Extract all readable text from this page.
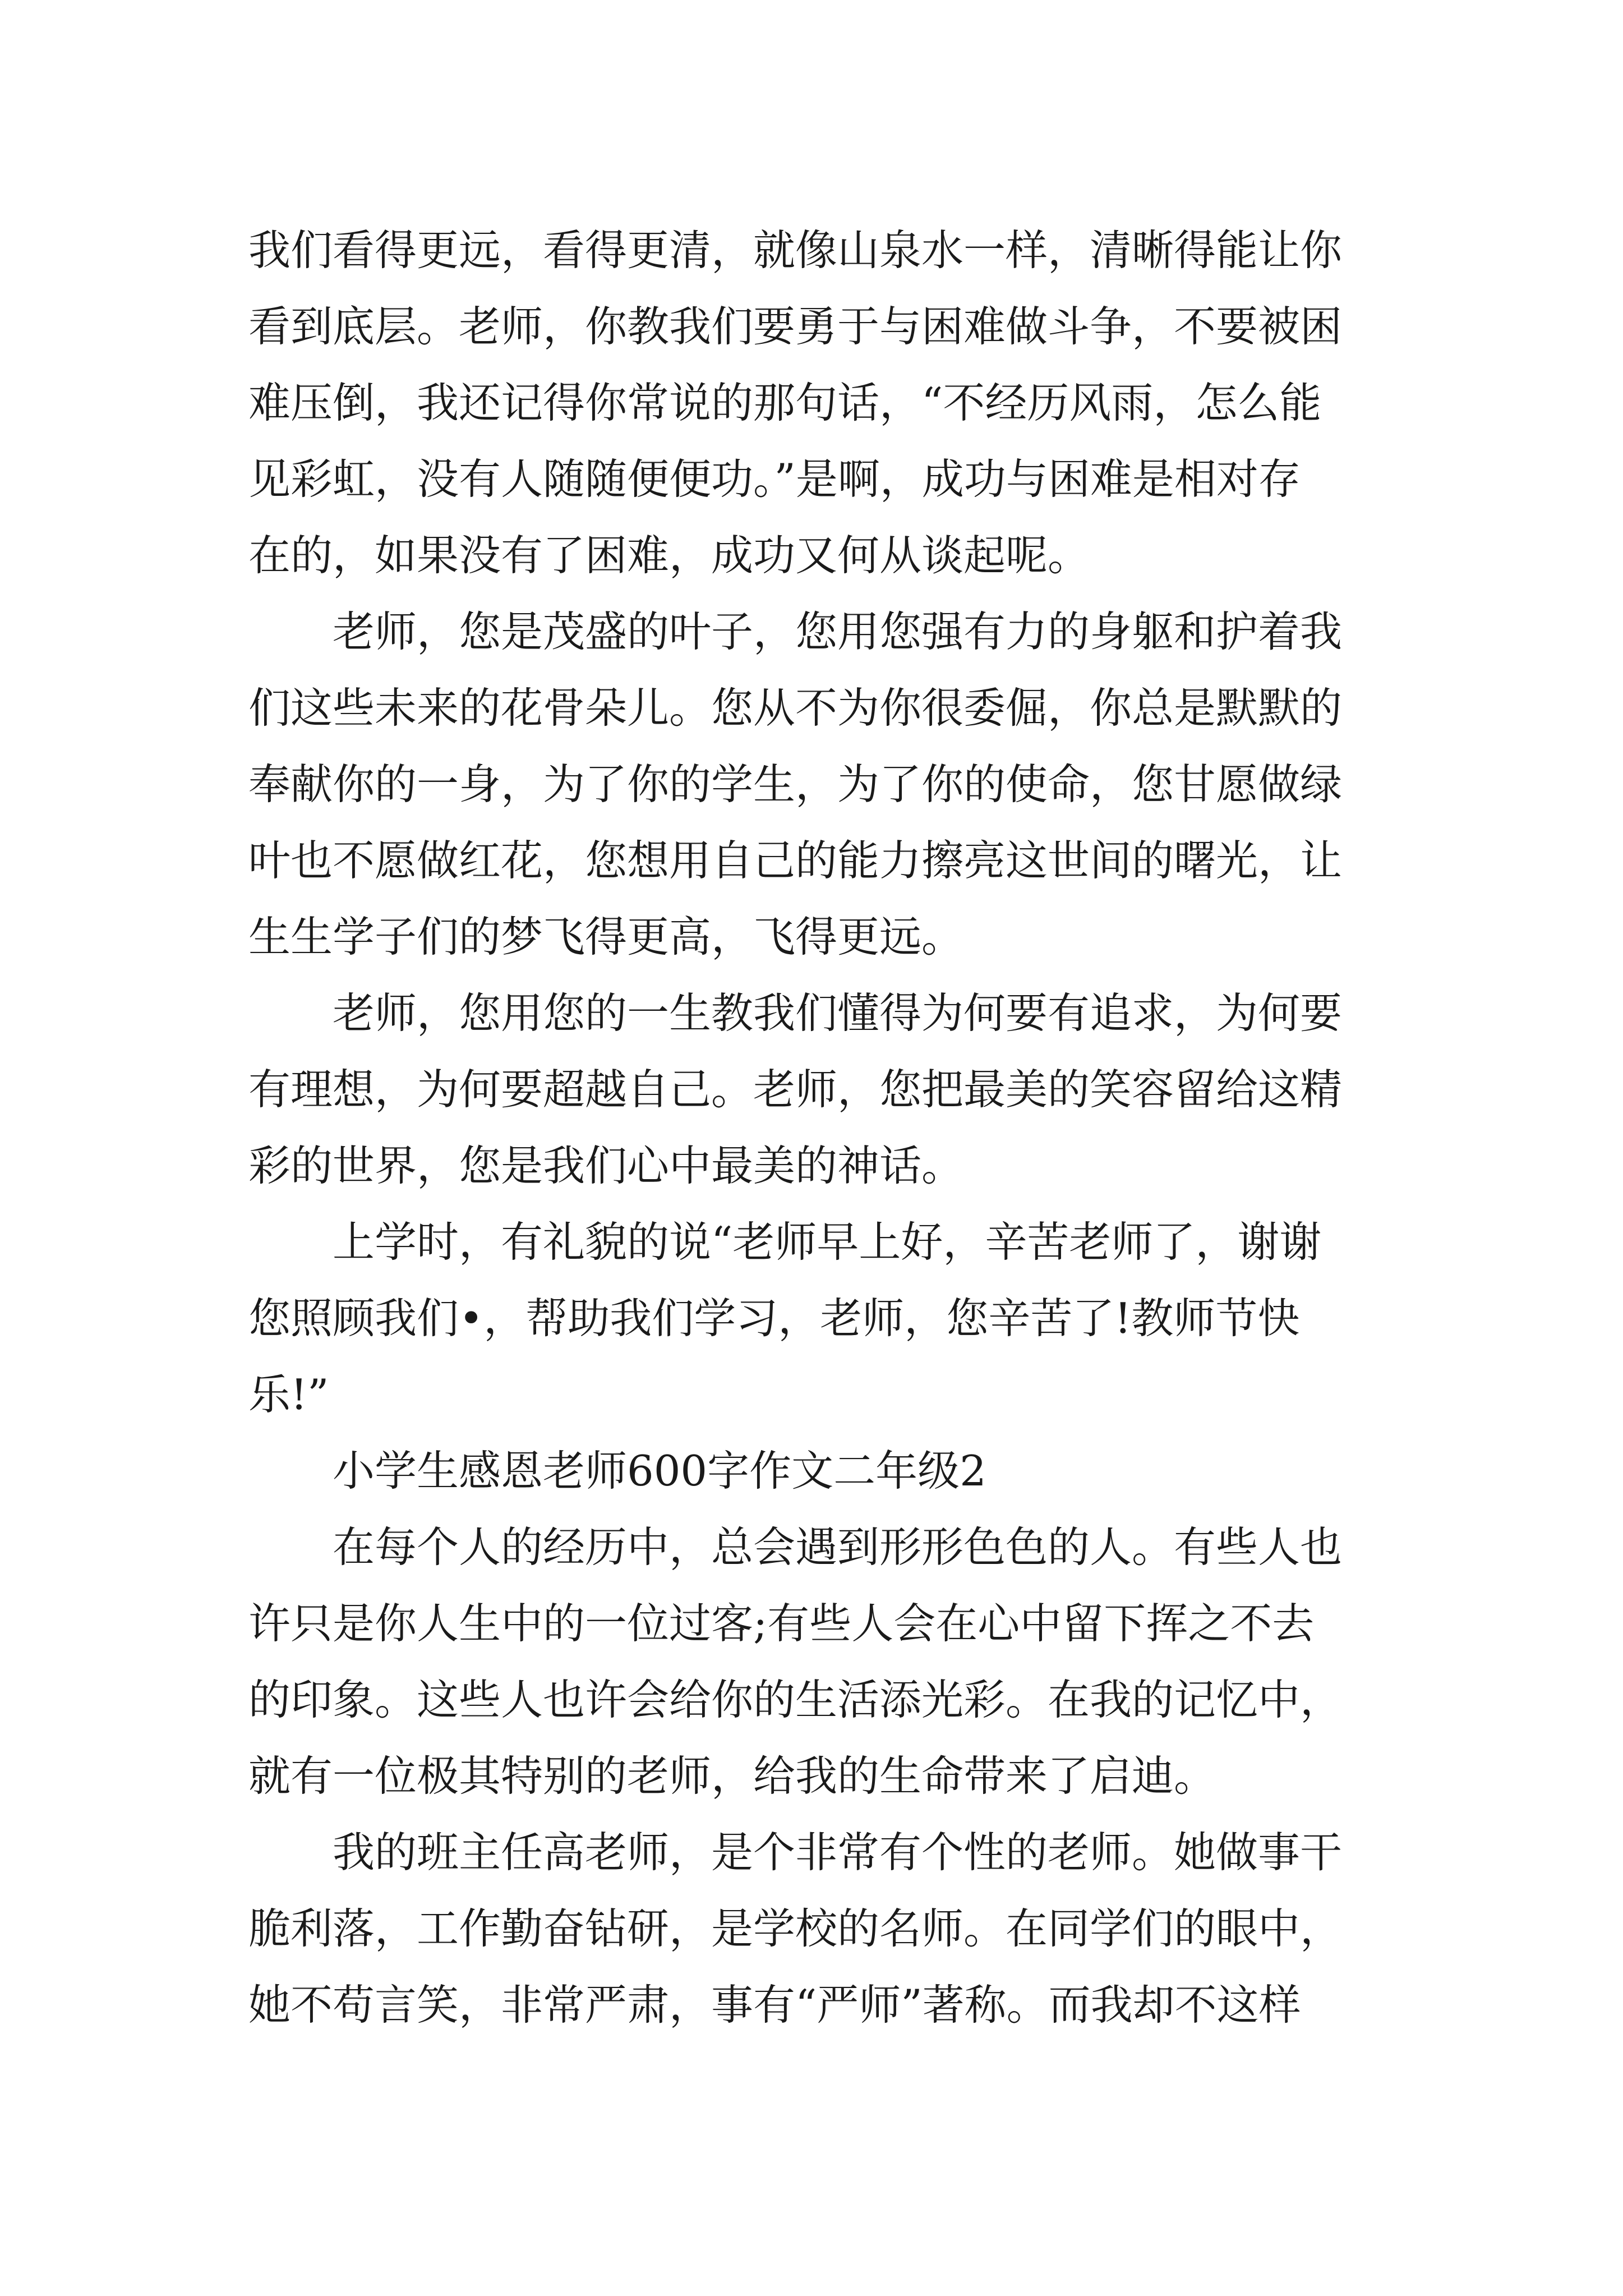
我们看得更远，看得更清，就像山泉水一样，清晰得能让你
看到底层。老师，你教我们要勇于与困难做斗争，不要被困
难压倒，我还记得你常说的那句话，“不经历风雨，怎么能
见彩虹，没有人随随便便功。”是啊，成功与困难是相对存
在的，如果没有了困难，成功又何从谈起呢。
老师，您是茂盛的叶子，您用您强有力的身躯和护着我
们这些未来的花骨朵儿。您从不为你很委倔，你总是默默的
奉献你的一身，为了你的学生，为了你的使命，您甘愿做绿
叶也不愿做红花，您想用自己的能力擦亮这世间的曙光，让
生生学子们的梦飞得更高，飞得更远。
老师，您用您的一生教我们懂得为何要有追求，为何要
有理想，为何要超越自己。老师，您把最美的笑容留给这精
彩的世界，您是我们心中最美的神话。
上学时，有礼貌的说“老师早上好，辛苦老师了，谢谢
您照顾我们•，帮助我们学习，老师，您辛苦了!教师节快
乐!”
小学生感恩老师600字作文二年级2
在每个人的经历中，总会遇到形形色色的人。有些人也
许只是你人生中的一位过客;有些人会在心中留下挥之不去
的印象。这些人也许会给你的生活添光彩。在我的记忆中，
就有一位极其特别的老师，给我的生命带来了启迪。
我的班主任高老师，是个非常有个性的老师。她做事干
脆利落，工作勤奋钻研，是学校的名师。在同学们的眼中，
她不苟言笑，非常严肃，事有“严师”著称。而我却不这样
